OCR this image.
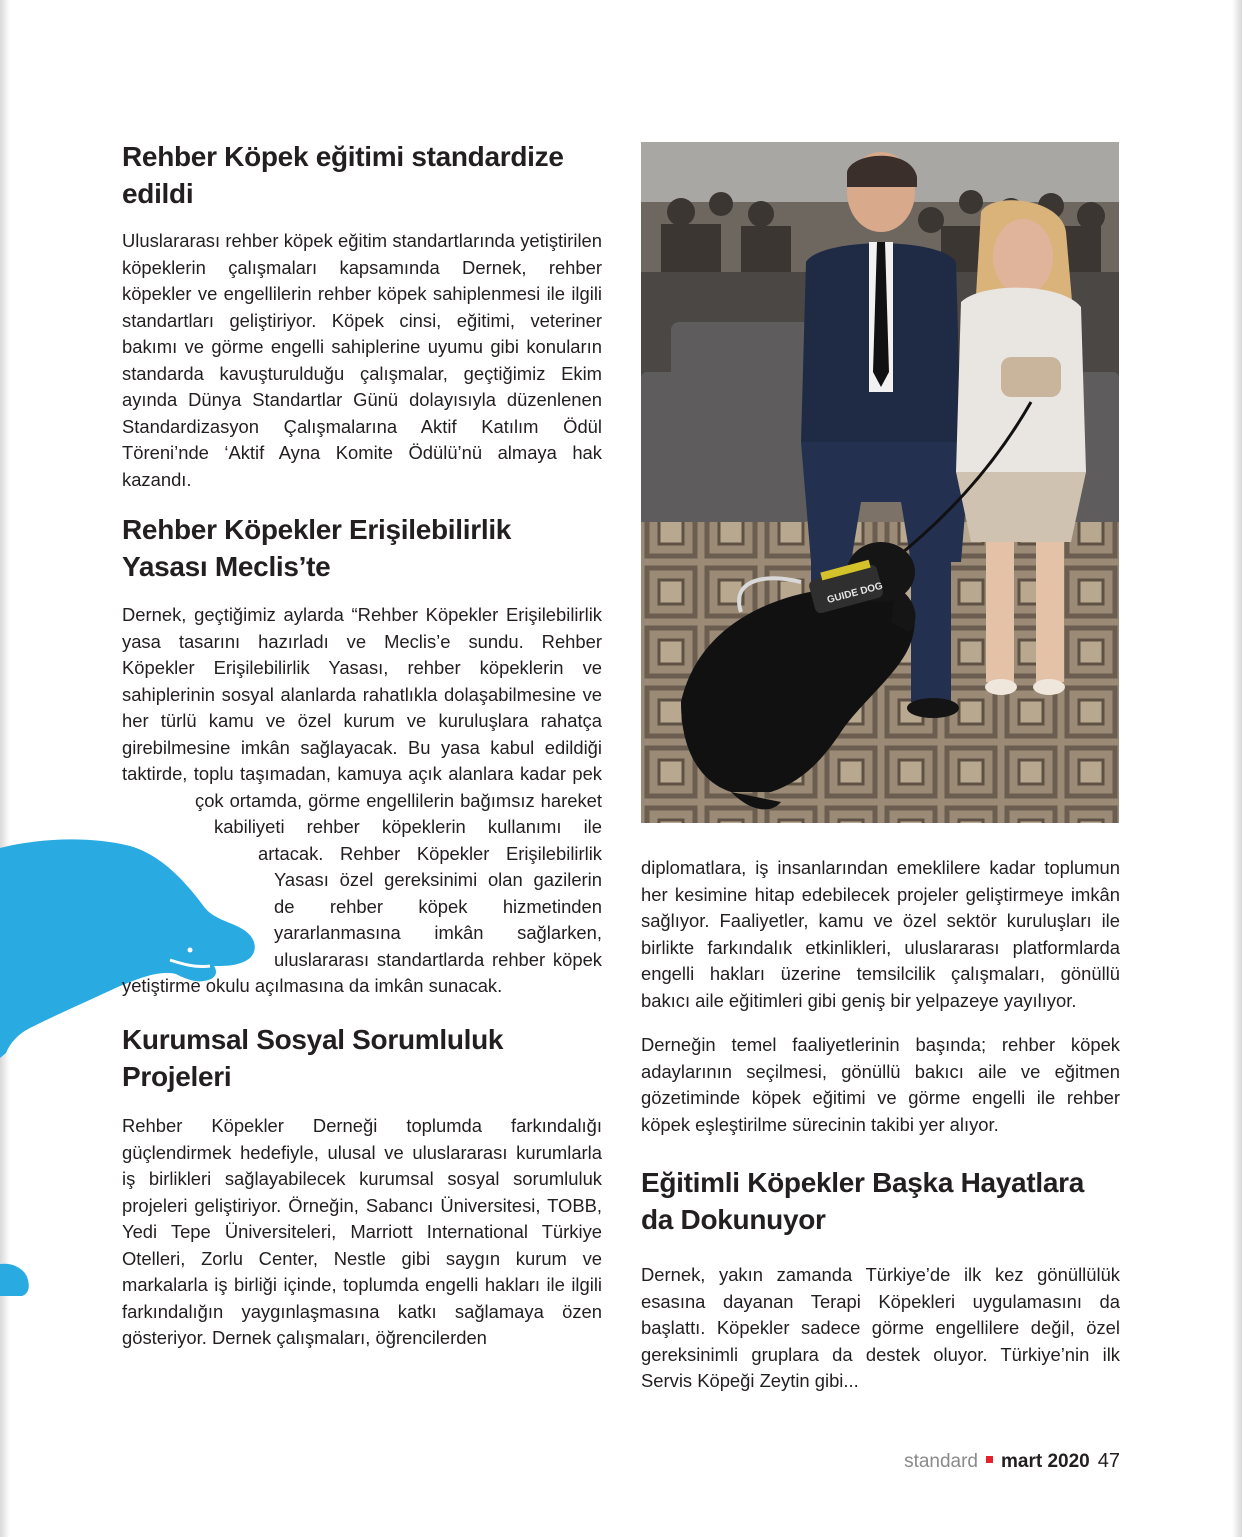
Rehber Köpek eğitimi standardize edildi

Uluslararası rehber köpek eğitim standartlarında yetiştirilen köpeklerin çalışmaları kapsamında Dernek, rehber köpekler ve engellilerin rehber köpek sahiplenmesi ile ilgili standartları geliştiriyor. Köpek cinsi, eğitimi, veteriner bakımı ve görme engelli sahiplerine uyumu gibi konuların standarda kavuşturulduğu çalışmalar, geçtiğimiz Ekim ayında Dünya Standartlar Günü dolayısıyla düzenlenen Standardizasyon Çalışmalarına Aktif Katılım Ödül Töreni’nde ‘Aktif Ayna Komite Ödülü’nü almaya hak kazandı.

Rehber Köpekler Erişilebilirlik Yasası Meclis’te
Kurumsal Sosyal Sorumluluk Projeleri

Rehber Köpekler Derneği toplumda farkındalığı güçlendirmek hedefiyle, ulusal ve uluslararası kurumlarla iş birlikleri sağlayabilecek kurumsal sosyal sorumluluk projeleri geliştiriyor. Örneğin, Sabancı Üniversitesi, TOBB, Yedi Tepe Üniversiteleri, Marriott International Türkiye Otelleri, Zorlu Center, Nestle gibi saygın kurum ve markalarla iş birliği içinde, toplumda engelli hakları ile ilgili farkındalığın yaygınlaşmasına katkı sağlamaya özen gösteriyor. Dernek çalışmaları, öğrencilerden

Dernek, geçtiğimiz aylarda “Rehber Köpekler Erişilebilirlik yasa tasarını hazırladı ve Meclis’e sundu. Rehber Köpekler Erişilebilirlik Yasası, rehber köpeklerin ve sahiplerinin sosyal alanlarda rahatlıkla dolaşabilmesine ve her türlü kamu ve özel kurum ve kuruluşlara rahatça girebilmesine imkân sağlayacak. Bu yasa kabul edildiği taktirde, toplu taşımadan, kamuya açık alanlara kadar pek çok ortamda, görme engellilerin bağımsız hareket kabiliyeti rehber köpeklerin kullanımı ile artacak. Rehber Köpekler Erişilebilirlik Yasası özel gereksinimi olan gazilerin de rehber köpek hizmetinden yararlanmasına imkân sağlarken, uluslararası standartlarda rehber köpek yetiştirme okulu açılmasına da imkân sunacak.

GUIDE DOG

diplomatlara, iş insanlarından emeklilere kadar toplumun her kesimine hitap edebilecek projeler geliştirmeye imkân sağlıyor. Faaliyetler, kamu ve özel sektör kuruluşları ile birlikte farkındalık etkinlikleri, uluslararası platformlarda engelli hakları üzerine temsilcilik çalışmaları, gönüllü bakıcı aile eğitimleri gibi geniş bir yelpazeye yayılıyor.

Derneğin temel faaliyetlerinin başında; rehber köpek adaylarının seçilmesi, gönüllü bakıcı aile ve eğitmen gözetiminde köpek eğitimi ve görme engelli ile rehber köpek eşleştirilme sürecinin takibi yer alıyor.

Eğitimli Köpekler Başka Hayatlara da Dokunuyor

Dernek, yakın zamanda Türkiye’de ilk kez gönüllülük esasına dayanan Terapi Köpekleri uygulamasını da başlattı. Köpekler sadece görme engellilere değil, özel gereksinimli gruplara da destek oluyor. Türkiye’nin ilk Servis Köpeği Zeytin gibi...

standard mart 2020 47
